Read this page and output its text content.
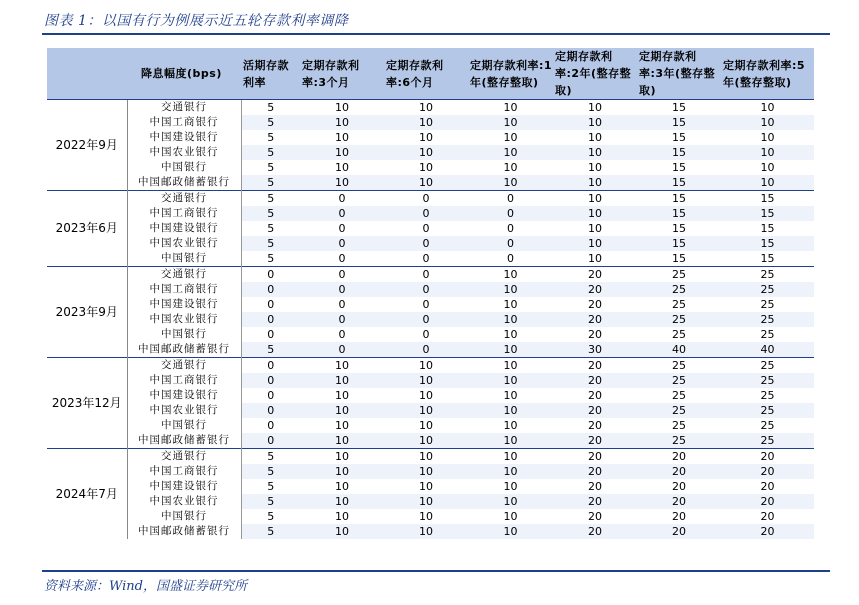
图表 1：以国有行为例展示近五轮存款利率调降
	降息幅度(bps)	活期存款利率	定期存款利率:3个月	定期存款利率:6个月	定期存款利率:1年(整存整取)	定期存款利率:2年(整存整取)	定期存款利率:3年(整存整取)	定期存款利率:5年(整存整取)
2022年9月	交通银行	5	10	10	10	10	15	10
	中国工商银行	5	10	10	10	10	15	10
	中国建设银行	5	10	10	10	10	15	10
	中国农业银行	5	10	10	10	10	15	10
	中国银行	5	10	10	10	10	15	10
	中国邮政储蓄银行	5	10	10	10	10	15	10
2023年6月	交通银行	5	0	0	0	10	15	15
	中国工商银行	5	0	0	0	10	15	15
	中国建设银行	5	0	0	0	10	15	15
	中国农业银行	5	0	0	0	10	15	15
	中国银行	5	0	0	0	10	15	15
2023年9月	交通银行	0	0	0	10	20	25	25
	中国工商银行	0	0	0	10	20	25	25
	中国建设银行	0	0	0	10	20	25	25
	中国农业银行	0	0	0	10	20	25	25
	中国银行	0	0	0	10	20	25	25
	中国邮政储蓄银行	5	0	0	10	30	40	40
2023年12月	交通银行	0	10	10	10	20	25	25
	中国工商银行	0	10	10	10	20	25	25
	中国建设银行	0	10	10	10	20	25	25
	中国农业银行	0	10	10	10	20	25	25
	中国银行	0	10	10	10	20	25	25
	中国邮政储蓄银行	0	10	10	10	20	25	25
2024年7月	交通银行	5	10	10	10	20	20	20
	中国工商银行	5	10	10	10	20	20	20
	中国建设银行	5	10	10	10	20	20	20
	中国农业银行	5	10	10	10	20	20	20
	中国银行	5	10	10	10	20	20	20
	中国邮政储蓄银行	5	10	10	10	20	20	20
资料来源：Wind，国盛证券研究所
